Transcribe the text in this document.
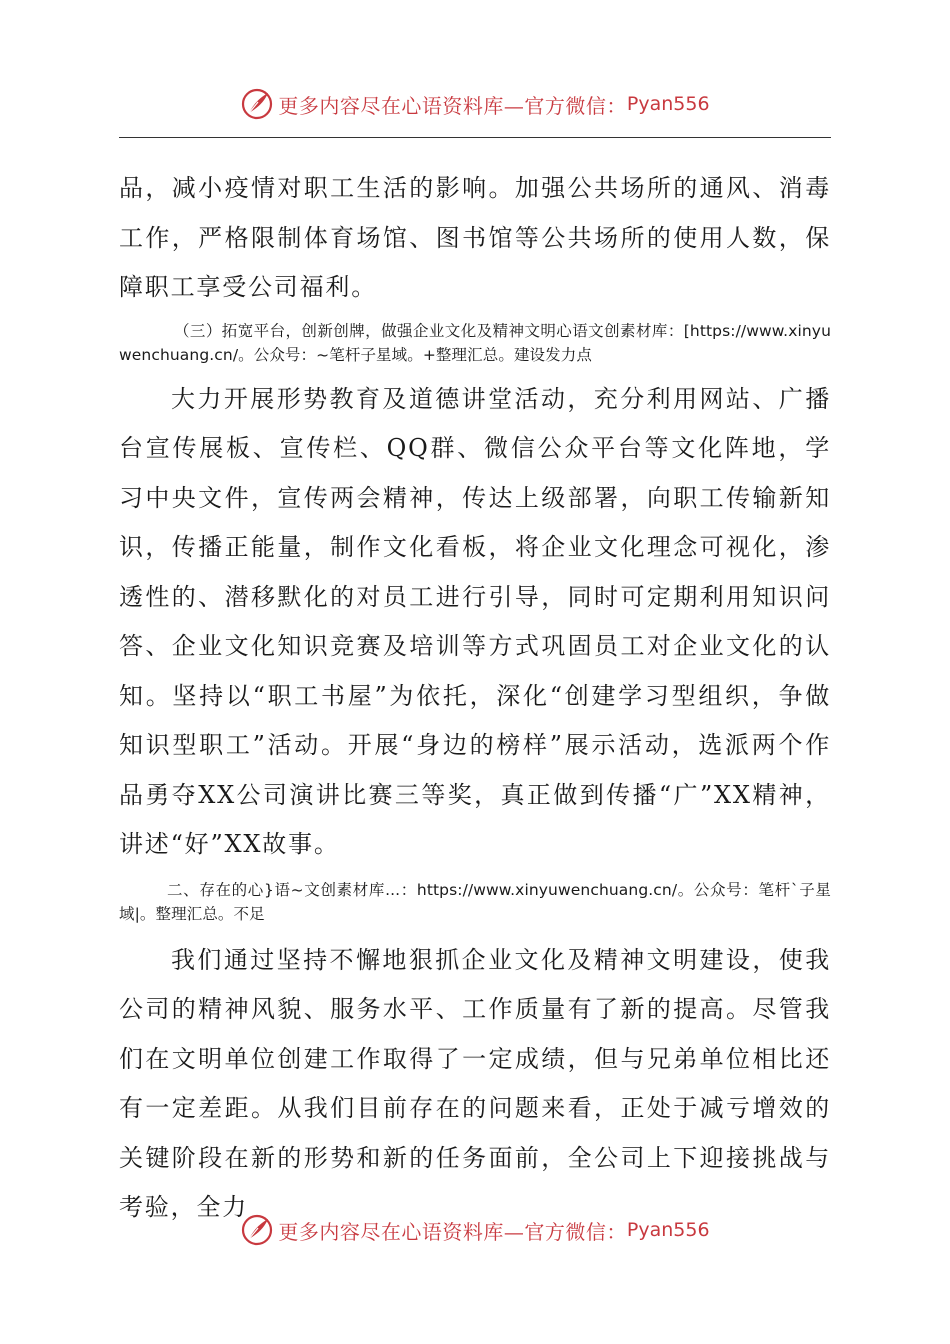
更多内容尽在心语资料库—官方微信： Pyan556

品，减小疫情对职工生活的影响。加强公共场所的通风、消毒工作，严格限制体育场馆、图书馆等公共场所的使用人数，保障职工享受公司福利。

（三）拓宽平台，创新创牌，做强企业文化及精神文明心语文创素材库：[https://www.xinyuwenchuang.cn/。公众号：~笔杆子星域。+整理汇总。建设发力点

大力开展形势教育及道德讲堂活动，充分利用网站、广播台宣传展板、宣传栏、QQ群、微信公众平台等文化阵地，学习中央文件，宣传两会精神，传达上级部署，向职工传输新知识，传播正能量，制作文化看板，将企业文化理念可视化，渗透性的、潜移默化的对员工进行引导，同时可定期利用知识问答、企业文化知识竞赛及培训等方式巩固员工对企业文化的认知。坚持以“职工书屋”为依托，深化“创建学习型组织，争做知识型职工”活动。开展“身边的榜样”展示活动，选派两个作品勇夺XX公司演讲比赛三等奖，真正做到传播“广”XX精神，讲述“好”XX故事。

二、存在的心}语~文创素材库...：https://www.xinyuwenchuang.cn/。公众号：笔杆`子星域|。整理汇总。不足

我们通过坚持不懈地狠抓企业文化及精神文明建设，使我公司的精神风貌、服务水平、工作质量有了新的提高。尽管我们在文明单位创建工作取得了一定成绩，但与兄弟单位相比还有一定差距。从我们目前存在的问题来看，正处于减亏增效的关键阶段在新的形势和新的任务面前，全公司上下迎接挑战与考验，全力

更多内容尽在心语资料库—官方微信： Pyan556
